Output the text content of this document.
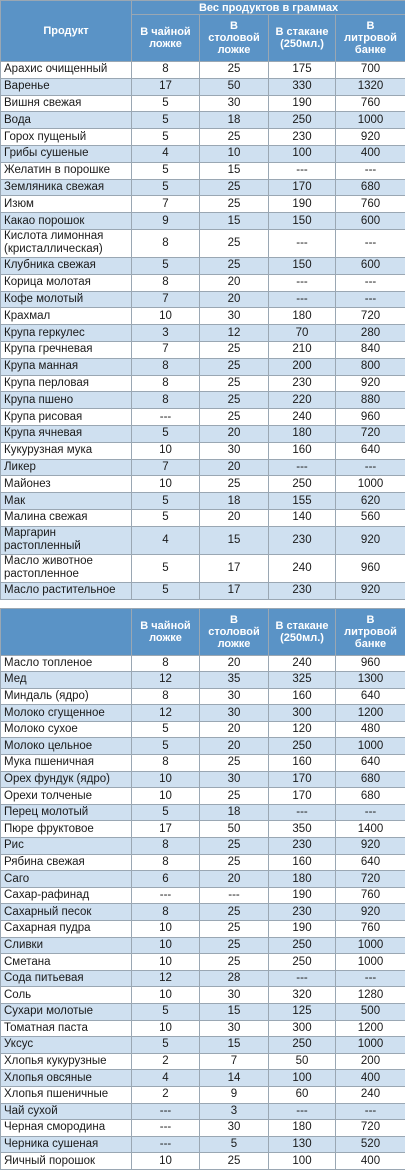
Продукт	Вес продуктов в граммах			
	В чайной ложке	В столовой ложке	В стакане (250мл.)	В литровой банке
Арахис очищенный	8	25	175	700
Варенье	17	50	330	1320
Вишня свежая	5	30	190	760
Вода	5	18	250	1000
Горох пущеный	5	25	230	920
Грибы сушеные	4	10	100	400
Желатин в порошке	5	15	---	---
Земляника свежая	5	25	170	680
Изюм	7	25	190	760
Какао порошок	9	15	150	600
Кислота лимонная (кристаллическая)	8	25	---	---
Клубника свежая	5	25	150	600
Корица молотая	8	20	---	---
Кофе молотый	7	20	---	---
Крахмал	10	30	180	720
Крупа геркулес	3	12	70	280
Крупа гречневая	7	25	210	840
Крупа манная	8	25	200	800
Крупа перловая	8	25	230	920
Крупа пшено	8	25	220	880
Крупа рисовая	---	25	240	960
Крупа ячневая	5	20	180	720
Кукурузная мука	10	30	160	640
Ликер	7	20	---	---
Майонез	10	25	250	1000
Мак	5	18	155	620
Малина свежая	5	20	140	560
Маргарин растопленный	4	15	230	920
Масло животное растопленное	5	17	240	960
Масло растительное	5	17	230	920
	В чайной ложке	В столовой ложке	В стакане (250мл.)	В литровой банке
Масло топленое	8	20	240	960
Мед	12	35	325	1300
Миндаль (ядро)	8	30	160	640
Молоко сгущенное	12	30	300	1200
Молоко сухое	5	20	120	480
Молоко цельное	5	20	250	1000
Мука пшеничная	8	25	160	640
Орех фундук (ядро)	10	30	170	680
Орехи толченые	10	25	170	680
Перец молотый	5	18	---	---
Пюре фруктовое	17	50	350	1400
Рис	8	25	230	920
Рябина свежая	8	25	160	640
Саго	6	20	180	720
Сахар-рафинад	---	---	190	760
Сахарный песок	8	25	230	920
Сахарная пудра	10	25	190	760
Сливки	10	25	250	1000
Сметана	10	25	250	1000
Сода питьевая	12	28	---	---
Соль	10	30	320	1280
Сухари молотые	5	15	125	500
Томатная паста	10	30	300	1200
Уксус	5	15	250	1000
Хлопья кукурузные	2	7	50	200
Хлопья овсяные	4	14	100	400
Хлопья пшеничные	2	9	60	240
Чай сухой	---	3	---	---
Черная смородина	---	30	180	720
Черника сушеная	---	5	130	520
Яичный порошок	10	25	100	400
